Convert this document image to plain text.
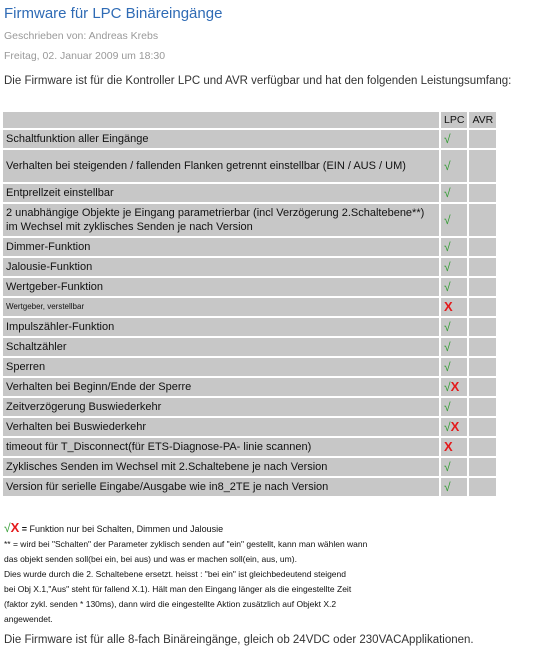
Firmware für LPC Binäreingänge
Geschrieben von: Andreas Krebs
Freitag, 02. Januar 2009 um 18:30
Die Firmware ist für die Kontroller LPC und AVR verfügbar und hat den folgenden Leistungsumfang:
	LPC	AVR
Schaltfunktion aller Eingänge	√	
Verhalten bei steigenden / fallenden Flanken getrennt einstellbar (EIN / AUS / UM)	√	
Entprellzeit einstellbar	√	
2 unabhängige Objekte je Eingang parametrierbar (incl Verzögerung 2.Schaltebene**) im Wechsel mit zyklisches Senden je nach Version	√	
Dimmer-Funktion	√	
Jalousie-Funktion	√	
Wertgeber-Funktion	√	
Wertgeber, verstellbar	X	
Impulszähler-Funktion	√	
Schaltzähler	√	
Sperren	√	
Verhalten bei Beginn/Ende der Sperre	√X	
Zeitverzögerung Buswiederkehr	√	
Verhalten bei Buswiederkehr	√X	
timeout für T_Disconnect(für ETS-Diagnose-PA- linie scannen)	X	
Zyklisches Senden im Wechsel mit 2.Schaltebene je nach Version	√	
Version für serielle Eingabe/Ausgabe wie in8_2TE je nach Version	√	
√X = Funktion nur bei Schalten, Dimmen und Jalousie
** = wird bei "Schalten" der Parameter zyklisch senden auf "ein" gestellt, kann man wählen wann
das objekt senden soll(bei ein, bei aus) und was er machen soll(ein, aus, um).
Dies wurde durch die 2. Schaltebene ersetzt. heisst : "bei ein" ist gleichbedeutend steigend
bei Obj X.1,"Aus" steht für fallend X.1). Hält man den Eingang länger als die eingestellte Zeit
(faktor zykl. senden * 130ms), dann wird die eingestellte Aktion zusätzlich auf Objekt X.2
angewendet.
Die Firmware ist für alle 8-fach Binäreingänge, gleich ob 24VDC oder 230VACApplikationen.
